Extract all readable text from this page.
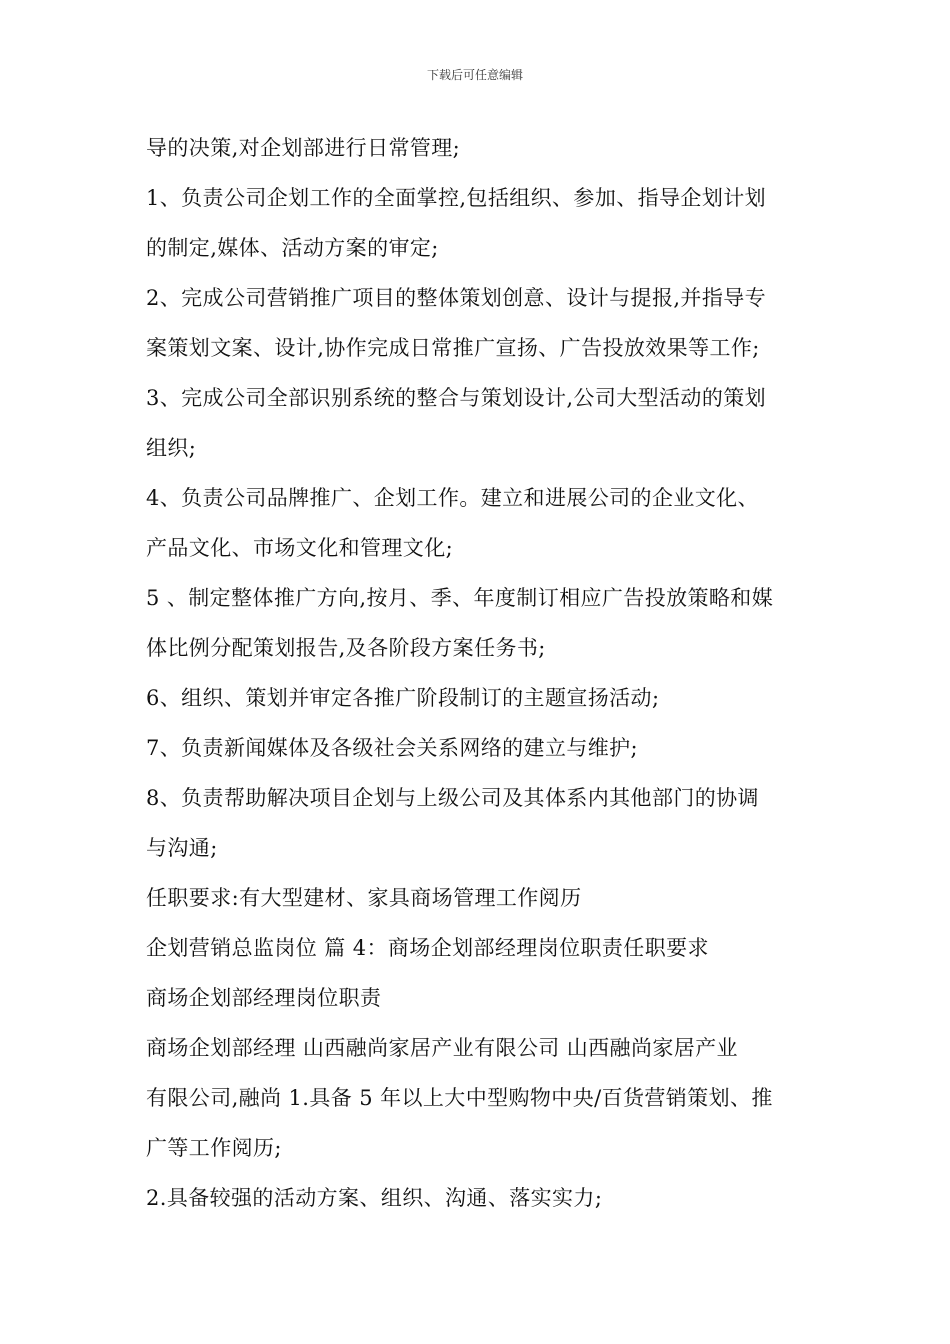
下载后可任意编辑
导的决策,对企划部进行日常管理;
1、负责公司企划工作的全面掌控,包括组织、参加、指导企划计划
的制定,媒体、活动方案的审定;
2、完成公司营销推广项目的整体策划创意、设计与提报,并指导专
案策划文案、设计,协作完成日常推广宣扬、广告投放效果等工作;
3、完成公司全部识别系统的整合与策划设计,公司大型活动的策划
组织;
4、负责公司品牌推广、企划工作。建立和进展公司的企业文化、
产品文化、市场文化和管理文化;
5 、制定整体推广方向,按月、季、年度制订相应广告投放策略和媒
体比例分配策划报告,及各阶段方案任务书;
6、组织、策划并审定各推广阶段制订的主题宣扬活动;
7、负责新闻媒体及各级社会关系网络的建立与维护;
8、负责帮助解决项目企划与上级公司及其体系内其他部门的协调
与沟通;
任职要求:有大型建材、家具商场管理工作阅历
企划营销总监岗位 篇 4：商场企划部经理岗位职责任职要求
商场企划部经理岗位职责
商场企划部经理 山西融尚家居产业有限公司 山西融尚家居产业
有限公司,融尚 1.具备 5 年以上大中型购物中央/百货营销策划、推
广等工作阅历;
2.具备较强的活动方案、组织、沟通、落实实力;
